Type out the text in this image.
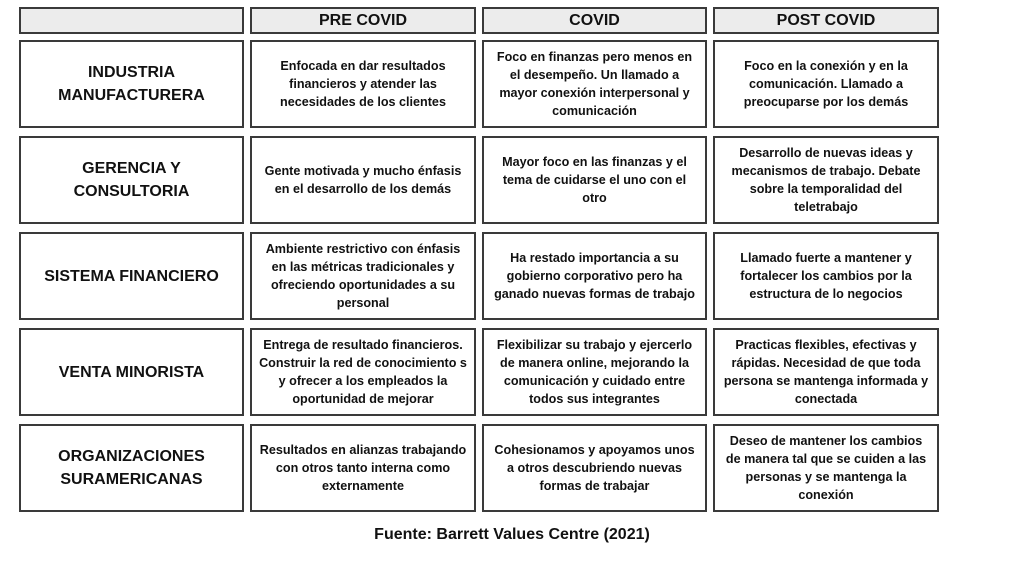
PRE COVID	COVID	POST COVID
INDUSTRIA
MANUFACTURERA
Enfocada en dar resultados financieros y atender las necesidades de los clientes
Foco en finanzas pero menos en el desempeño. Un llamado a mayor conexión interpersonal y comunicación
Foco en la conexión y en la comunicación. Llamado a preocuparse por los demás
GERENCIA Y
CONSULTORIA
Gente motivada y mucho énfasis en el desarrollo de los demás
Mayor foco en las finanzas y el tema de cuidarse el uno con el otro
Desarrollo de nuevas ideas y mecanismos de trabajo. Debate sobre la temporalidad del teletrabajo
SISTEMA FINANCIERO
Ambiente restrictivo con énfasis en las métricas tradicionales y ofreciendo oportunidades a su personal
Ha restado importancia a su gobierno corporativo pero ha ganado nuevas formas de trabajo
Llamado fuerte a mantener y fortalecer los cambios por la estructura de lo negocios
VENTA MINORISTA
Entrega de resultado financieros. Construir la red de conocimiento s y ofrecer a los empleados la oportunidad de mejorar
Flexibilizar su trabajo y ejercerlo de manera online, mejorando la comunicación y cuidado entre todos sus integrantes
Practicas flexibles, efectivas y rápidas. Necesidad de que toda persona se mantenga informada y conectada
ORGANIZACIONES
SURAMERICANAS
Resultados en alianzas trabajando con otros tanto interna como externamente
Cohesionamos y apoyamos unos a otros descubriendo nuevas formas de trabajar
Deseo de mantener los cambios de manera tal que se cuiden a las personas y se mantenga la conexión
Fuente: Barrett Values Centre (2021)
